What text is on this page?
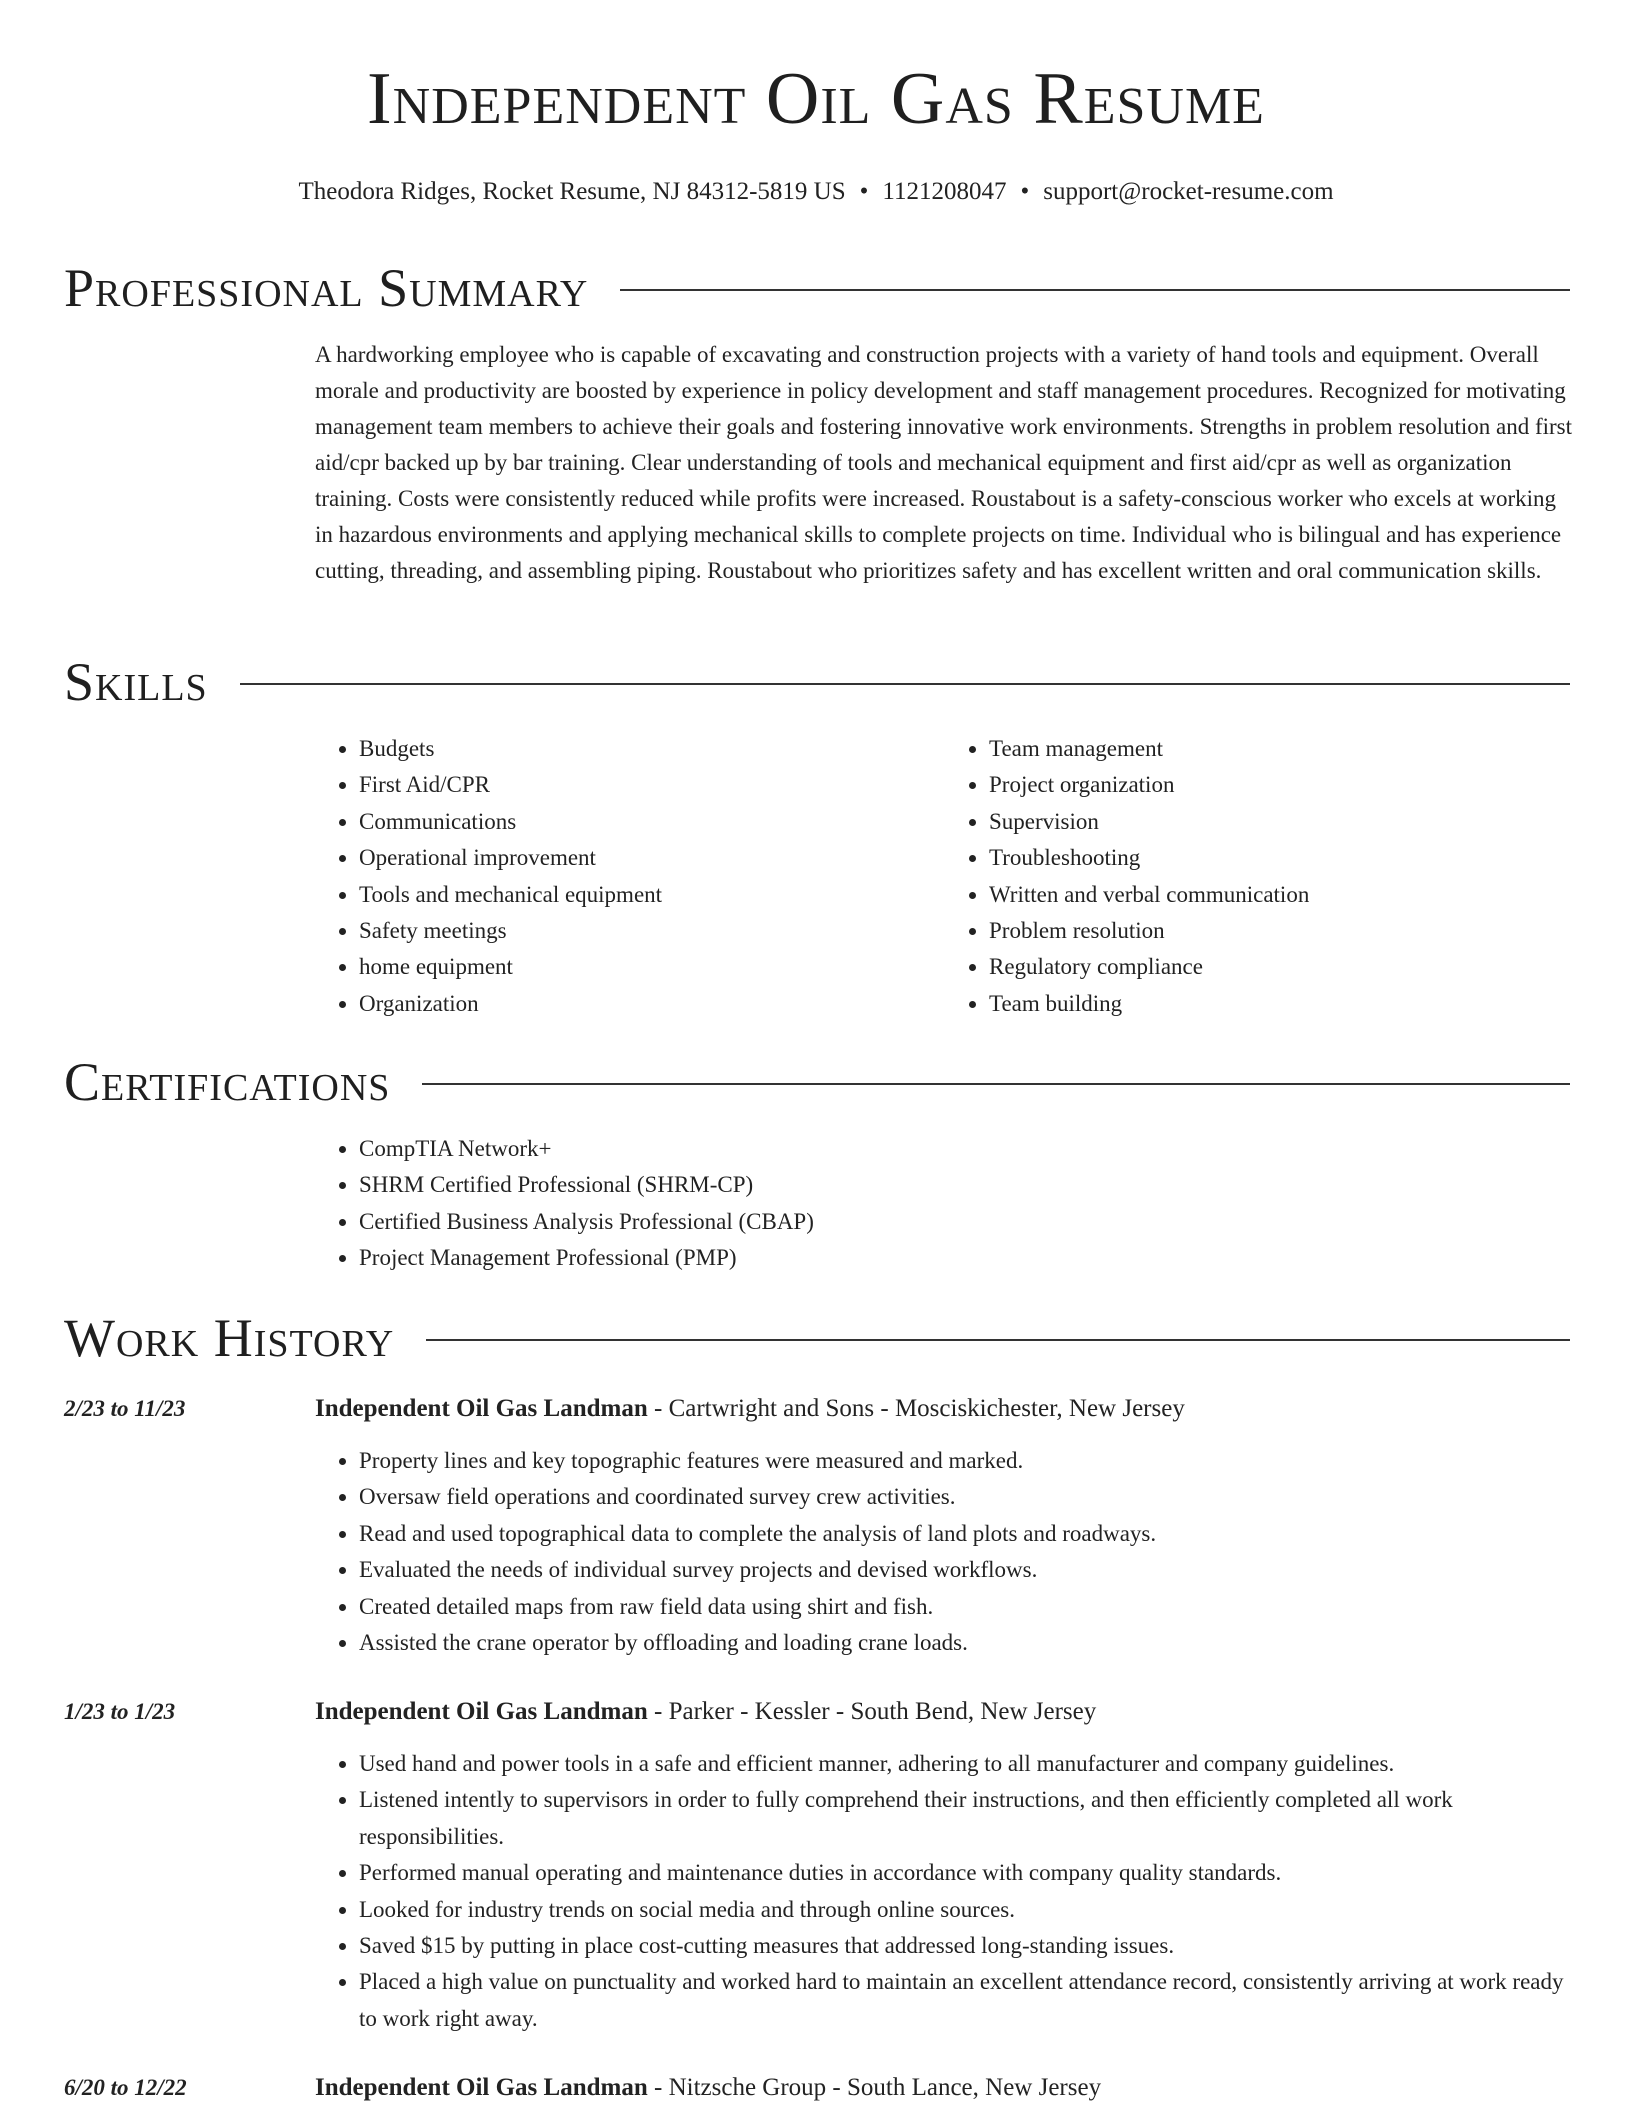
Independent Oil Gas Resume
Theodora Ridges, Rocket Resume, NJ 84312-5819 US • 1121208047 • support@rocket-resume.com
Professional Summary

A hardworking employee who is capable of excavating and construction projects with a variety of hand tools and equipment. Overall morale and productivity are boosted by experience in policy development and staff management procedures. Recognized for motivating management team members to achieve their goals and fostering innovative work environments. Strengths in problem resolution and first aid/cpr backed up by bar training. Clear understanding of tools and mechanical equipment and first aid/cpr as well as organization training. Costs were consistently reduced while profits were increased. Roustabout is a safety-conscious worker who excels at working in hazardous environments and applying mechanical skills to complete projects on time. Individual who is bilingual and has experience cutting, threading, and assembling piping. Roustabout who prioritizes safety and has excellent written and oral communication skills.

Skills
• Budgets
• First Aid/CPR
• Communications
• Operational improvement
• Tools and mechanical equipment
• Safety meetings
• home equipment
• Organization
• Team management
• Project organization
• Supervision
• Troubleshooting
• Written and verbal communication
• Problem resolution
• Regulatory compliance
• Team building
Certifications
• CompTIA Network+
• SHRM Certified Professional (SHRM-CP)
• Certified Business Analysis Professional (CBAP)
• Project Management Professional (PMP)
Work History
2/23 to 11/23	Independent Oil Gas Landman - Cartwright and Sons - Mosciskichester, New Jersey
• Property lines and key topographic features were measured and marked.
• Oversaw field operations and coordinated survey crew activities.
• Read and used topographical data to complete the analysis of land plots and roadways.
• Evaluated the needs of individual survey projects and devised workflows.
• Created detailed maps from raw field data using shirt and fish.
• Assisted the crane operator by offloading and loading crane loads.
1/23 to 1/23	Independent Oil Gas Landman - Parker - Kessler - South Bend, New Jersey
• Used hand and power tools in a safe and efficient manner, adhering to all manufacturer and company guidelines.
• Listened intently to supervisors in order to fully comprehend their instructions, and then efficiently completed all work responsibilities.
• Performed manual operating and maintenance duties in accordance with company quality standards.
• Looked for industry trends on social media and through online sources.
• Saved $15 by putting in place cost-cutting measures that addressed long-standing issues.
• Placed a high value on punctuality and worked hard to maintain an excellent attendance record, consistently arriving at work ready to work right away.
6/20 to 12/22	Independent Oil Gas Landman - Nitzsche Group - South Lance, New Jersey
